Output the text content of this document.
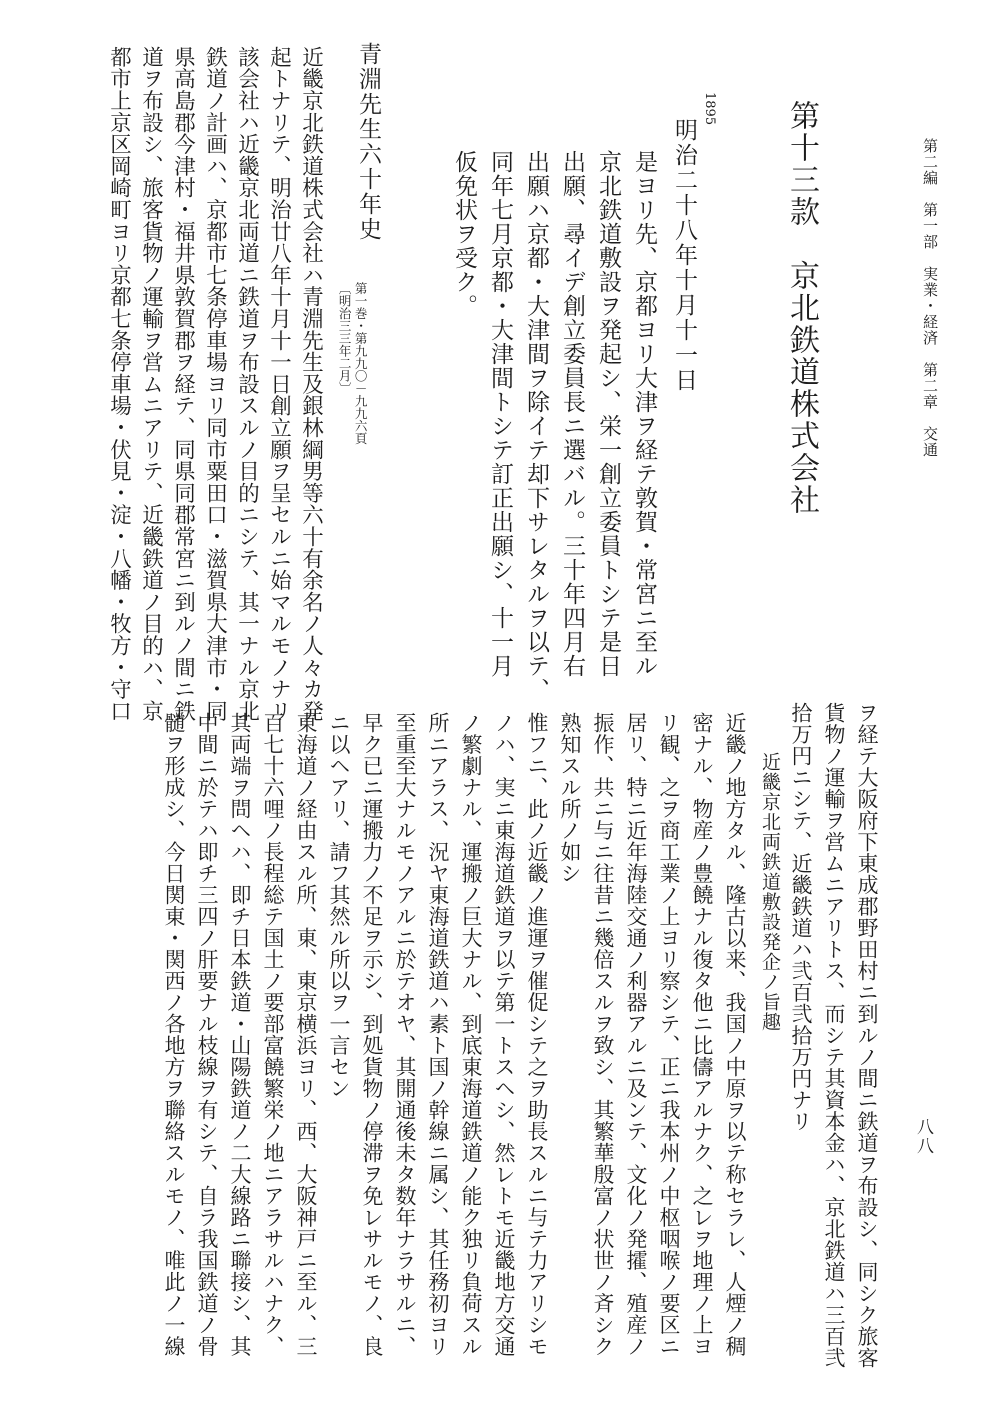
第二編　第一部　実業・経済　第二章　交通
八八
第十三款　京北鉄道株式会社
1895
明治二十八年十月十一日
是ヨリ先、京都ヨリ大津ヲ経テ敦賀・常宮ニ至ル
京北鉄道敷設ヲ発起シ、栄一創立委員トシテ是日
出願、尋イデ創立委員長ニ選バル。三十年四月右
出願ハ京都・大津間ヲ除イテ却下サレタルヲ以テ、
同年七月京都・大津間トシテ訂正出願シ、十一月
仮免状ヲ受ク。
青淵先生六十年史
第一巻・第九九〇－九九六頁
〔明治三三年二月〕
近畿京北鉄道株式会社ハ青淵先生及銀林綱男等六十有余名ノ人々カ発
起トナリテ、明治廿八年十月十一日創立願ヲ呈セルニ始マルモノナリ
該会社ハ近畿京北両道ニ鉄道ヲ布設スルノ目的ニシテ、其一ナル京北
鉄道ノ計画ハ、京都市七条停車場ヨリ同市粟田口・滋賀県大津市・同
県高島郡今津村・福井県敦賀郡ヲ経テ、同県同郡常宮ニ到ルノ間ニ鉄
道ヲ布設シ、旅客貨物ノ運輸ヲ営ムニアリテ、近畿鉄道ノ目的ハ、京
都市上京区岡崎町ヨリ京都七条停車場・伏見・淀・八幡・牧方・守口
ヲ経テ大阪府下東成郡野田村ニ到ルノ間ニ鉄道ヲ布設シ、同シク旅客
貨物ノ運輸ヲ営ムニアリトス、而シテ其資本金ハ、京北鉄道ハ三百弐
拾万円ニシテ、近畿鉄道ハ弐百弐拾万円ナリ
近畿京北両鉄道敷設発企ノ旨趣
近畿ノ地方タル、隆古以来、我国ノ中原ヲ以テ称セラレ、人煙ノ稠
密ナル、物産ノ豊饒ナル復タ他ニ比儔アルナク、之レヲ地理ノ上ヨ
リ観、之ヲ商工業ノ上ヨリ察シテ、正ニ我本州ノ中枢咽喉ノ要区ニ
居リ、特ニ近年海陸交通ノ利器アルニ及ンテ、文化ノ発攉、殖産ノ
振作、共ニ与ニ往昔ニ幾倍スルヲ致シ、其繁華殷富ノ状世ノ斉シク
熟知スル所ノ如シ
惟フニ、此ノ近畿ノ進運ヲ催促シテ之ヲ助長スルニ与テ力アリシモ
ノハ、実ニ東海道鉄道ヲ以テ第一トスヘシ、然レトモ近畿地方交通
ノ繁劇ナル、運搬ノ巨大ナル、到底東海道鉄道ノ能ク独リ負荷スル
所ニアラス、況ヤ東海道鉄道ハ素ト国ノ幹線ニ属シ、其任務初ヨリ
至重至大ナルモノアルニ於テオヤ、其開通後未タ数年ナラサルニ、
早ク已ニ運搬力ノ不足ヲ示シ、到処貨物ノ停滞ヲ免レサルモノ、良
ニ以ヘアリ、請フ其然ル所以ヲ一言セン
東海道ノ経由スル所、東、東京横浜ヨリ、西、大阪神戸ニ至ル、三
百七十六哩ノ長程総テ国土ノ要部富饒繁栄ノ地ニアラサルハナク、
其両端ヲ問ヘハ、即チ日本鉄道・山陽鉄道ノ二大線路ニ聯接シ、其
中間ニ於テハ即チ三四ノ肝要ナル枝線ヲ有シテ、自ラ我国鉄道ノ骨
髄ヲ形成シ、今日関東・関西ノ各地方ヲ聯絡スルモノ、唯此ノ一線
